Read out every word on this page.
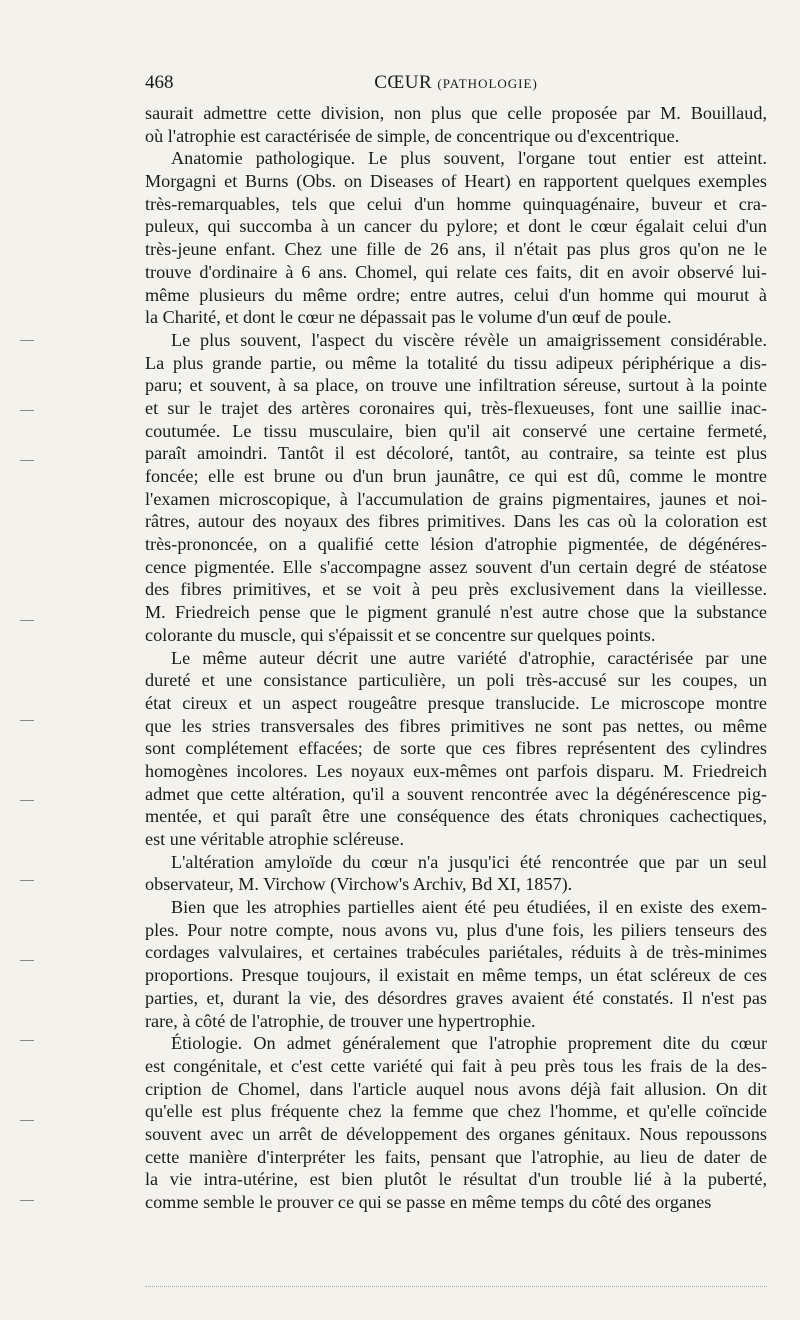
468	CŒUR (PATHOLOGIE)
saurait admettre cette division, non plus que celle proposée par M. Bouillaud,
où l'atrophie est caractérisée de simple, de concentrique ou d'excentrique.
Anatomie pathologique. Le plus souvent, l'organe tout entier est atteint.
Morgagni et Burns (Obs. on Diseases of Heart) en rapportent quelques exemples
très-remarquables, tels que celui d'un homme quinquagénaire, buveur et cra-
puleux, qui succomba à un cancer du pylore; et dont le cœur égalait celui d'un
très-jeune enfant. Chez une fille de 26 ans, il n'était pas plus gros qu'on ne le
trouve d'ordinaire à 6 ans. Chomel, qui relate ces faits, dit en avoir observé lui-
même plusieurs du même ordre; entre autres, celui d'un homme qui mourut à
la Charité, et dont le cœur ne dépassait pas le volume d'un œuf de poule.
Le plus souvent, l'aspect du viscère révèle un amaigrissement considérable.
La plus grande partie, ou même la totalité du tissu adipeux périphérique a dis-
paru; et souvent, à sa place, on trouve une infiltration séreuse, surtout à la pointe
et sur le trajet des artères coronaires qui, très-flexueuses, font une saillie inac-
coutumée. Le tissu musculaire, bien qu'il ait conservé une certaine fermeté,
paraît amoindri. Tantôt il est décoloré, tantôt, au contraire, sa teinte est plus
foncée; elle est brune ou d'un brun jaunâtre, ce qui est dû, comme le montre
l'examen microscopique, à l'accumulation de grains pigmentaires, jaunes et noi-
râtres, autour des noyaux des fibres primitives. Dans les cas où la coloration est
très-prononcée, on a qualifié cette lésion d'atrophie pigmentée, de dégénéres-
cence pigmentée. Elle s'accompagne assez souvent d'un certain degré de stéatose
des fibres primitives, et se voit à peu près exclusivement dans la vieillesse.
M. Friedreich pense que le pigment granulé n'est autre chose que la substance
colorante du muscle, qui s'épaissit et se concentre sur quelques points.
Le même auteur décrit une autre variété d'atrophie, caractérisée par une
dureté et une consistance particulière, un poli très-accusé sur les coupes, un
état cireux et un aspect rougeâtre presque translucide. Le microscope montre
que les stries transversales des fibres primitives ne sont pas nettes, ou même
sont complétement effacées; de sorte que ces fibres représentent des cylindres
homogènes incolores. Les noyaux eux-mêmes ont parfois disparu. M. Friedreich
admet que cette altération, qu'il a souvent rencontrée avec la dégénérescence pig-
mentée, et qui paraît être une conséquence des états chroniques cachectiques,
est une véritable atrophie scléreuse.
L'altération amyloïde du cœur n'a jusqu'ici été rencontrée que par un seul
observateur, M. Virchow (Virchow's Archiv, Bd XI, 1857).
Bien que les atrophies partielles aient été peu étudiées, il en existe des exem-
ples. Pour notre compte, nous avons vu, plus d'une fois, les piliers tenseurs des
cordages valvulaires, et certaines trabécules pariétales, réduits à de très-minimes
proportions. Presque toujours, il existait en même temps, un état scléreux de ces
parties, et, durant la vie, des désordres graves avaient été constatés. Il n'est pas
rare, à côté de l'atrophie, de trouver une hypertrophie.
Étiologie. On admet généralement que l'atrophie proprement dite du cœur
est congénitale, et c'est cette variété qui fait à peu près tous les frais de la des-
cription de Chomel, dans l'article auquel nous avons déjà fait allusion. On dit
qu'elle est plus fréquente chez la femme que chez l'homme, et qu'elle coïncide
souvent avec un arrêt de développement des organes génitaux. Nous repoussons
cette manière d'interpréter les faits, pensant que l'atrophie, au lieu de dater de
la vie intra-utérine, est bien plutôt le résultat d'un trouble lié à la puberté,
comme semble le prouver ce qui se passe en même temps du côté des organes
